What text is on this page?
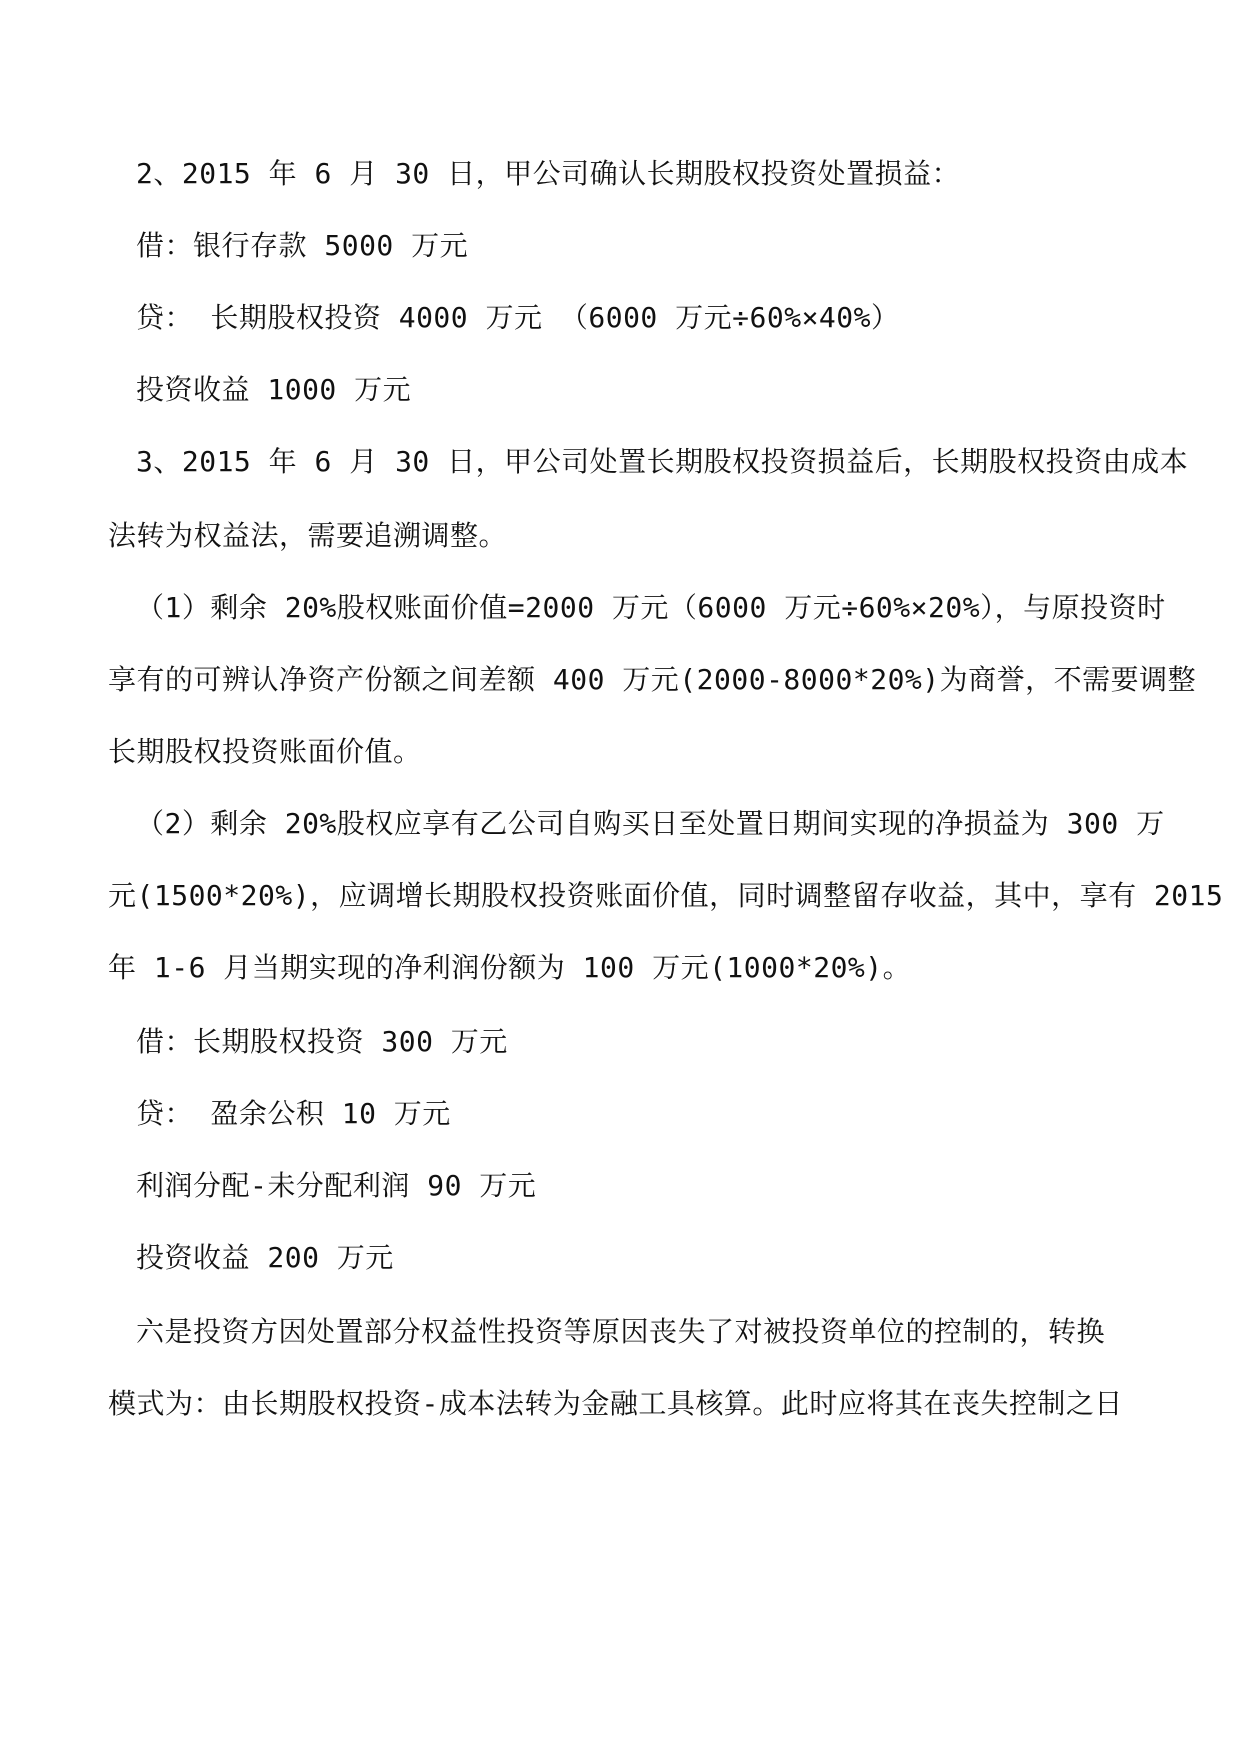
2、2015 年 6 月 30 日，甲公司确认长期股权投资处置损益：
借：银行存款 5000 万元
贷： 长期股权投资 4000 万元 （6000 万元÷60%×40%）
投资收益 1000 万元
3、2015 年 6 月 30 日，甲公司处置长期股权投资损益后，长期股权投资由成本
法转为权益法，需要追溯调整。
（1）剩余 20%股权账面价值=2000 万元（6000 万元÷60%×20%），与原投资时
享有的可辨认净资产份额之间差额 400 万元(2000-8000*20%)为商誉，不需要调整
长期股权投资账面价值。
（2）剩余 20%股权应享有乙公司自购买日至处置日期间实现的净损益为 300 万
元(1500*20%)，应调增长期股权投资账面价值，同时调整留存收益，其中，享有 2015
年 1-6 月当期实现的净利润份额为 100 万元(1000*20%)。
借：长期股权投资 300 万元
贷： 盈余公积 10 万元
利润分配-未分配利润 90 万元
投资收益 200 万元
六是投资方因处置部分权益性投资等原因丧失了对被投资单位的控制的，转换
模式为：由长期股权投资-成本法转为金融工具核算。此时应将其在丧失控制之日
